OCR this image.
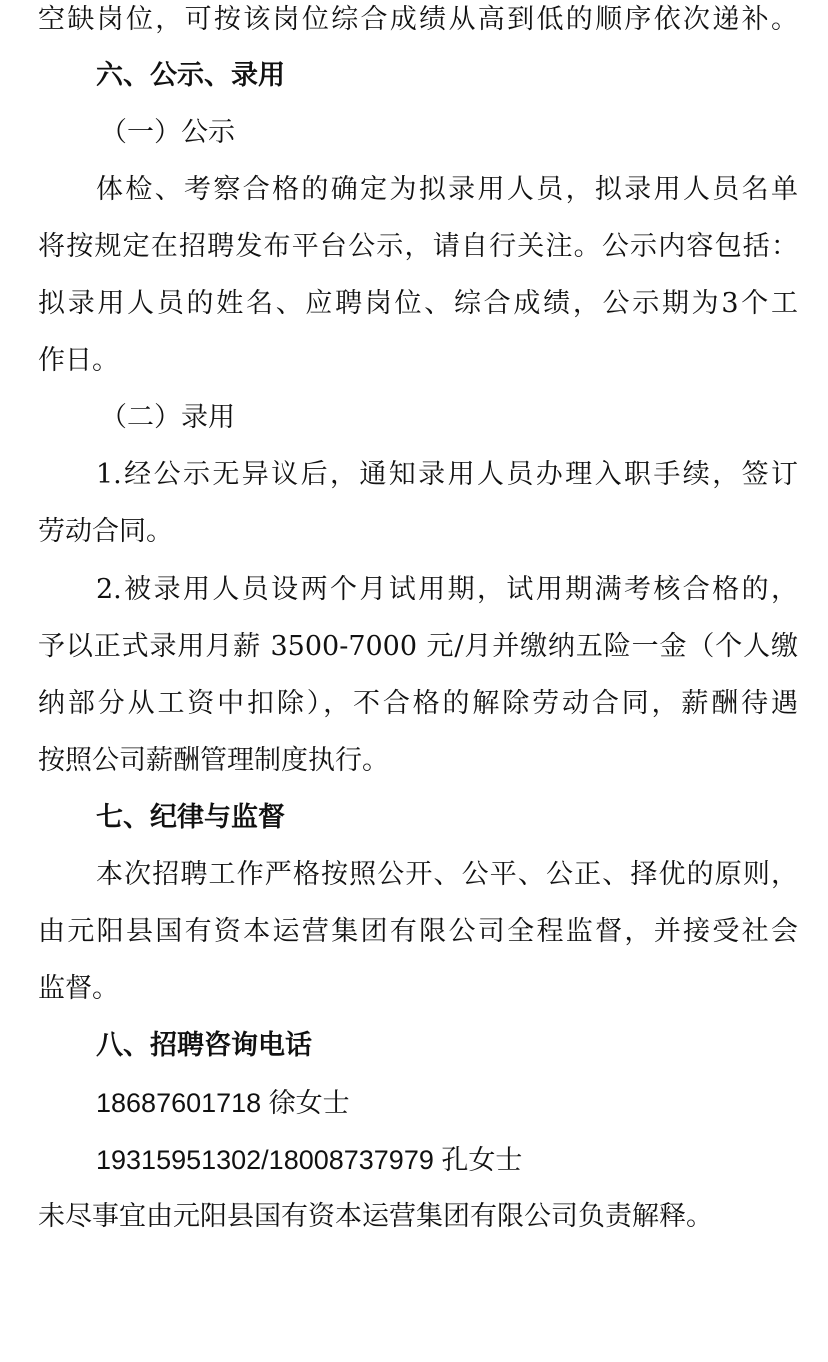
空缺岗位，可按该岗位综合成绩从高到低的顺序依次递补。
六、公示、录用
（一）公示
体检、考察合格的确定为拟录用人员，拟录用人员名单
将按规定在招聘发布平台公示，请自行关注。公示内容包括：
拟录用人员的姓名、应聘岗位、综合成绩，公示期为3个工
作日。
（二）录用
1.经公示无异议后，通知录用人员办理入职手续，签订
劳动合同。
2.被录用人员设两个月试用期，试用期满考核合格的，
予以正式录用月薪 3500-7000 元/月并缴纳五险一金（个人缴
纳部分从工资中扣除），不合格的解除劳动合同，薪酬待遇
按照公司薪酬管理制度执行。
七、纪律与监督
本次招聘工作严格按照公开、公平、公正、择优的原则，
由元阳县国有资本运营集团有限公司全程监督，并接受社会
监督。
八、招聘咨询电话
18687601718 徐女士
19315951302/18008737979 孔女士
未尽事宜由元阳县国有资本运营集团有限公司负责解释。
